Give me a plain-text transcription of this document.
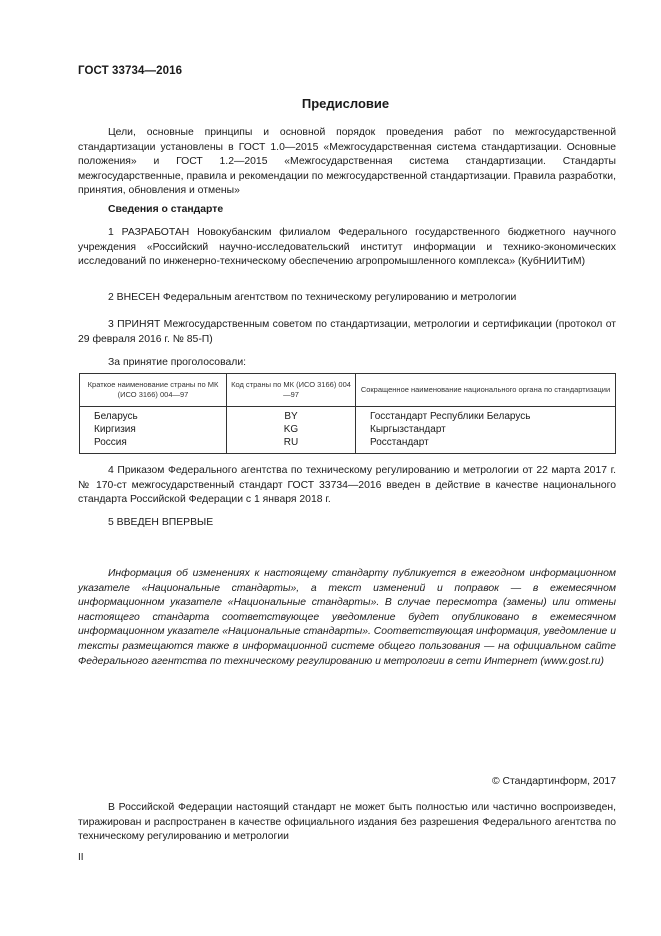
ГОСТ 33734—2016
Предисловие

Цели, основные принципы и основной порядок проведения работ по межгосударственной стандартизации установлены в ГОСТ 1.0—2015 «Межгосударственная система стандартизации. Основные положения» и ГОСТ 1.2—2015 «Межгосударственная система стандартизации. Стандарты межгосударственные, правила и рекомендации по межгосударственной стандартизации. Правила разработки, принятия, обновления и отмены»

Сведения о стандарте

1 РАЗРАБОТАН Новокубанским филиалом Федерального государственного бюджетного научного учреждения «Российский научно-исследовательский институт информации и технико-экономических исследований по инженерно-техническому обеспечению агропромышленного комплекса» (КубНИИТиМ)

2 ВНЕСЕН Федеральным агентством по техническому регулированию и метрологии

3 ПРИНЯТ Межгосударственным советом по стандартизации, метрологии и сертификации (протокол от 29 февраля 2016 г. № 85-П)

За принятие проголосовали:
Краткое наименование страны по МК (ИСО 3166) 004—97	Код страны по МК (ИСО 3166) 004 —97	Сокращенное наименование национального органа по стандартизации
Беларусь	BY	Госстандарт Республики Беларусь
Киргизия	KG	Кыргызстандарт
Россия	RU	Росстандарт

4 Приказом Федерального агентства по техническому регулированию и метрологии от 22 марта 2017 г. № 170-ст межгосударственный стандарт ГОСТ 33734—2016 введен в действие в качестве национального стандарта Российской Федерации с 1 января 2018 г.

5 ВВЕДЕН ВПЕРВЫЕ

Информация об изменениях к настоящему стандарту публикуется в ежегодном информационном указателе «Национальные стандарты», а текст изменений и поправок — в ежемесячном информационном указателе «Национальные стандарты». В случае пересмотра (замены) или отмены настоящего стандарта соответствующее уведомление будет опубликовано в ежемесячном информационном указателе «Национальные стандарты». Соответствующая информация, уведомление и тексты размещаются также в информационной системе общего пользования — на официальном сайте Федерального агентства по техническому регулированию и метрологии в сети Интернет (www.gost.ru)

© Стандартинформ, 2017

В Российской Федерации настоящий стандарт не может быть полностью или частично воспроизведен, тиражирован и распространен в качестве официального издания без разрешения Федерального агентства по техническому регулированию и метрологии

II
